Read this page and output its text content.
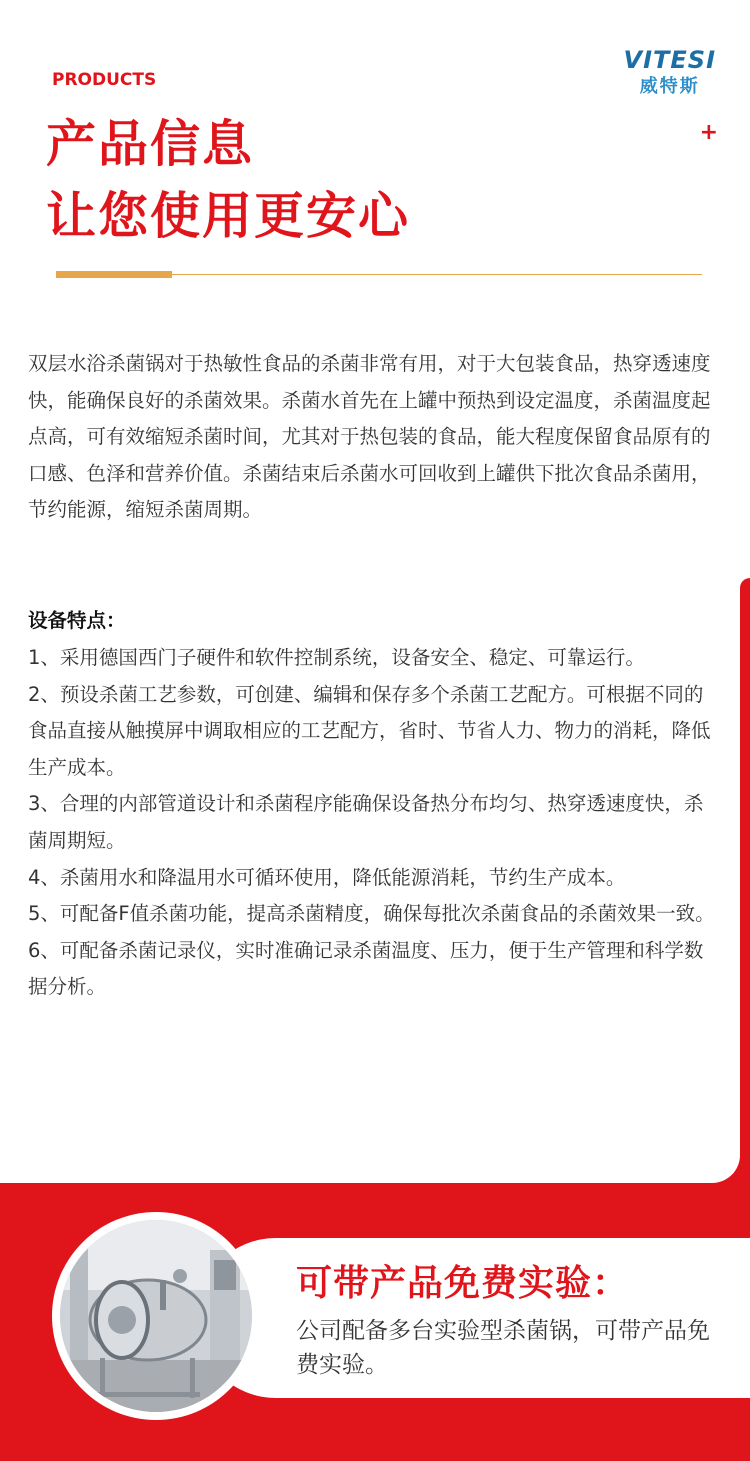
VITESI
威特斯
PRODUCTS
产品信息
让您使用更安心
+
双层水浴杀菌锅对于热敏性食品的杀菌非常有用，对于大包装食品，热穿透速度快，能确保良好的杀菌效果。杀菌水首先在上罐中预热到设定温度，杀菌温度起点高，可有效缩短杀菌时间，尤其对于热包装的食品，能大程度保留食品原有的口感、色泽和营养价值。杀菌结束后杀菌水可回收到上罐供下批次食品杀菌用，节约能源，缩短杀菌周期。
设备特点：

1、采用德国西门子硬件和软件控制系统，设备安全、稳定、可靠运行。

2、预设杀菌工艺参数，可创建、编辑和保存多个杀菌工艺配方。可根据不同的食品直接从触摸屏中调取相应的工艺配方，省时、节省人力、物力的消耗，降低生产成本。

3、合理的内部管道设计和杀菌程序能确保设备热分布均匀、热穿透速度快，杀菌周期短。

4、杀菌用水和降温用水可循环使用，降低能源消耗，节约生产成本。

5、可配备F值杀菌功能，提高杀菌精度，确保每批次杀菌食品的杀菌效果一致。

6、可配备杀菌记录仪，实时准确记录杀菌温度、压力，便于生产管理和科学数据分析。

可带产品免费实验：
公司配备多台实验型杀菌锅，可带产品免费实验。
